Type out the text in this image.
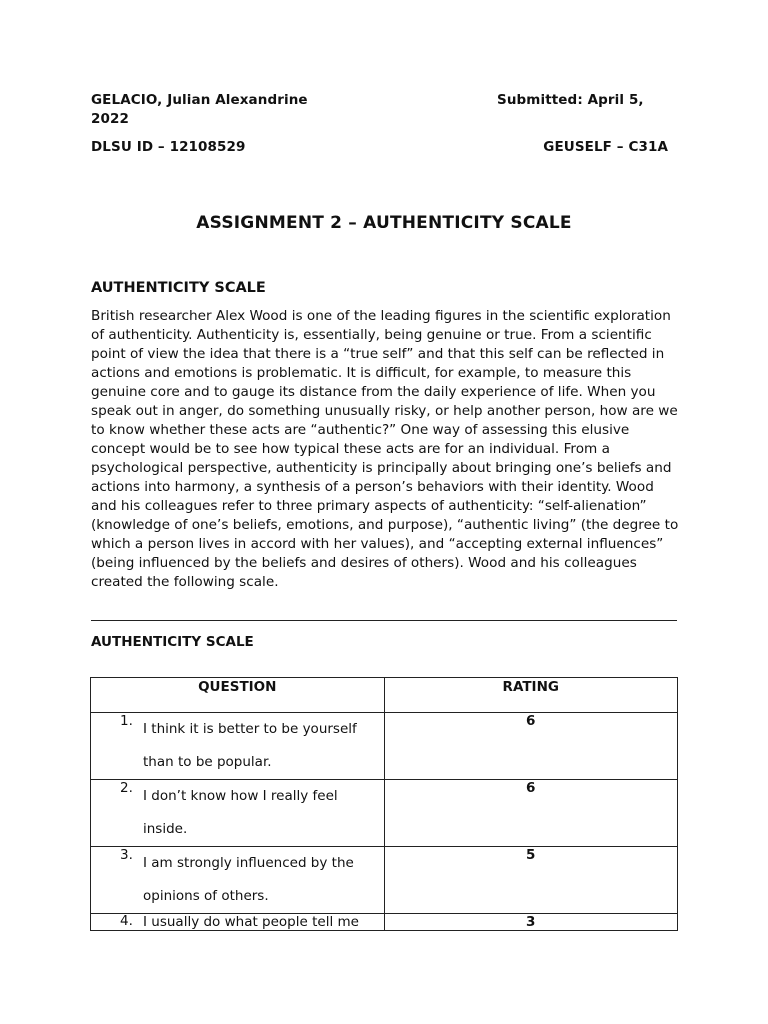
GELACIO, Julian Alexandrine	Submitted: April 5,
2022
DLSU ID – 12108529	GEUSELF – C31A
ASSIGNMENT 2 – AUTHENTICITY SCALE
AUTHENTICITY SCALE
British researcher Alex Wood is one of the leading figures in the scientific exploration of authenticity. Authenticity is, essentially, being genuine or true. From a scientific point of view the idea that there is a “true self” and that this self can be reflected in actions and emotions is problematic. It is difficult, for example, to measure this genuine core and to gauge its distance from the daily experience of life. When you speak out in anger, do something unusually risky, or help another person, how are we to know whether these acts are “authentic?” One way of assessing this elusive concept would be to see how typical these acts are for an individual. From a psychological perspective, authenticity is principally about bringing one’s beliefs and actions into harmony, a synthesis of a person’s behaviors with their identity. Wood and his colleagues refer to three primary aspects of authenticity: “self-alienation” (knowledge of one’s beliefs, emotions, and purpose), “authentic living” (the degree to which a person lives in accord with her values), and “accepting external influences” (being influenced by the beliefs and desires of others). Wood and his colleagues created the following scale.
AUTHENTICITY SCALE
QUESTION	RATING

1. I think it is better to be yourself than to be popular.	6

2. I don’t know how I really feel inside.	6

3. I am strongly influenced by the opinions of others.	5

4. I usually do what people tell me	3
